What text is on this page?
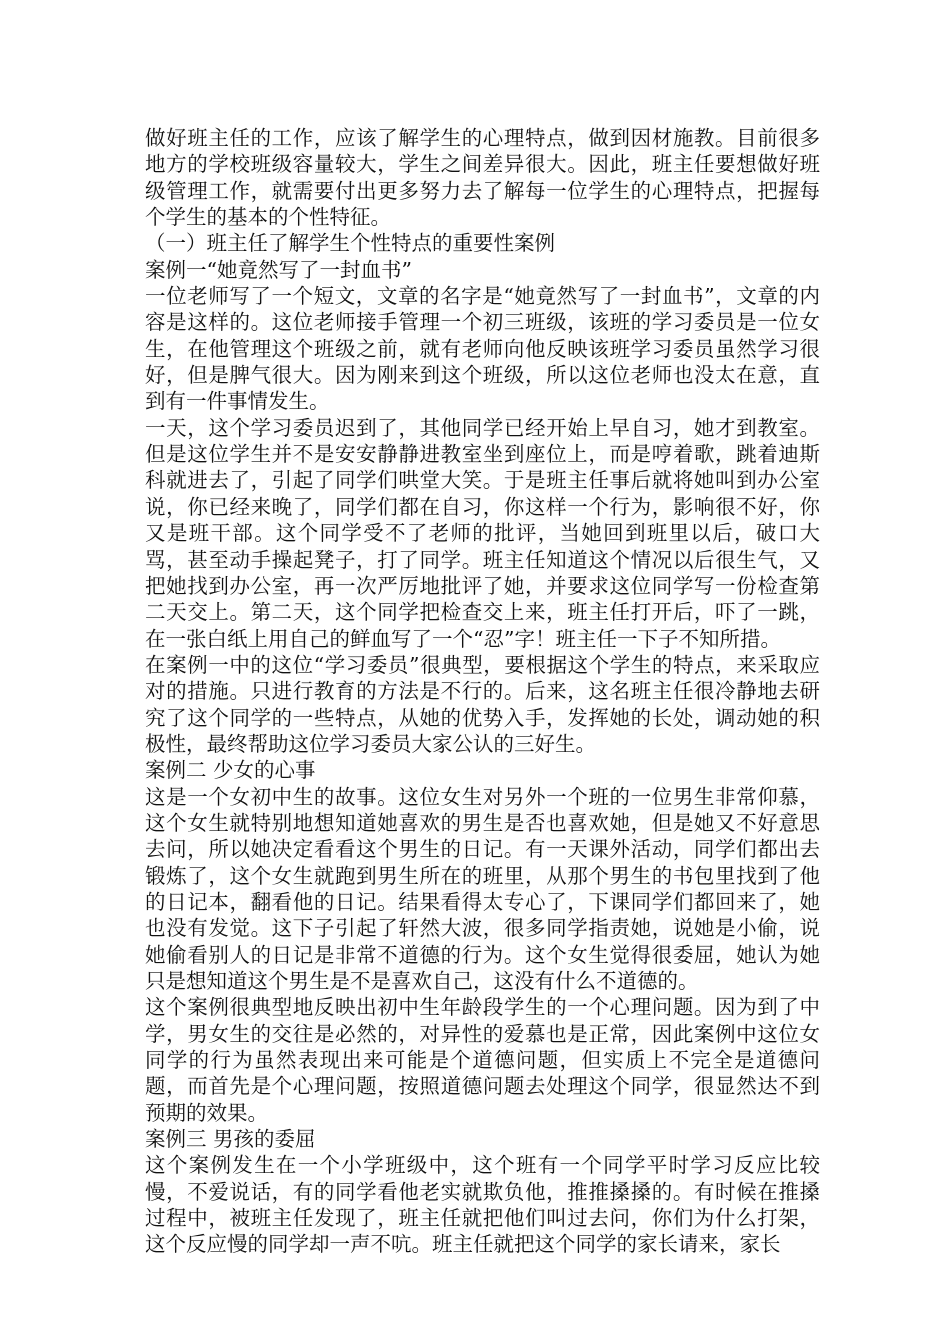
做好班主任的工作，应该了解学生的心理特点，做到因材施教。目前很多地方的学校班级容量较大，学生之间差异很大。因此，班主任要想做好班级管理工作，就需要付出更多努力去了解每一位学生的心理特点，把握每个学生的基本的个性特征。

（一）班主任了解学生个性特点的重要性案例

案例一“她竟然写了一封血书”

一位老师写了一个短文，文章的名字是“她竟然写了一封血书”，文章的内容是这样的。这位老师接手管理一个初三班级，该班的学习委员是一位女生，在他管理这个班级之前，就有老师向他反映该班学习委员虽然学习很好，但是脾气很大。因为刚来到这个班级，所以这位老师也没太在意，直到有一件事情发生。

一天，这个学习委员迟到了，其他同学已经开始上早自习，她才到教室。但是这位学生并不是安安静静进教室坐到座位上，而是哼着歌，跳着迪斯科就进去了，引起了同学们哄堂大笑。于是班主任事后就将她叫到办公室说，你已经来晚了，同学们都在自习，你这样一个行为，影响很不好，你又是班干部。这个同学受不了老师的批评，当她回到班里以后，破口大骂，甚至动手操起凳子，打了同学。班主任知道这个情况以后很生气，又把她找到办公室，再一次严厉地批评了她，并要求这位同学写一份检查第二天交上。第二天，这个同学把检查交上来，班主任打开后，吓了一跳，在一张白纸上用自己的鲜血写了一个“忍”字！班主任一下子不知所措。

在案例一中的这位“学习委员”很典型，要根据这个学生的特点，来采取应对的措施。只进行教育的方法是不行的。后来，这名班主任很冷静地去研究了这个同学的一些特点，从她的优势入手，发挥她的长处，调动她的积极性，最终帮助这位学习委员大家公认的三好生。

案例二 少女的心事

这是一个女初中生的故事。这位女生对另外一个班的一位男生非常仰慕，这个女生就特别地想知道她喜欢的男生是否也喜欢她，但是她又不好意思去问，所以她决定看看这个男生的日记。有一天课外活动，同学们都出去锻炼了，这个女生就跑到男生所在的班里，从那个男生的书包里找到了他的日记本，翻看他的日记。结果看得太专心了，下课同学们都回来了，她也没有发觉。这下子引起了轩然大波，很多同学指责她，说她是小偷，说她偷看别人的日记是非常不道德的行为。这个女生觉得很委屈，她认为她只是想知道这个男生是不是喜欢自己，这没有什么不道德的。

这个案例很典型地反映出初中生年龄段学生的一个心理问题。因为到了中学，男女生的交往是必然的，对异性的爱慕也是正常，因此案例中这位女同学的行为虽然表现出来可能是个道德问题，但实质上不完全是道德问题，而首先是个心理问题，按照道德问题去处理这个同学，很显然达不到预期的效果。

案例三 男孩的委屈

这个案例发生在一个小学班级中，这个班有一个同学平时学习反应比较慢，不爱说话，有的同学看他老实就欺负他，推推搡搡的。有时候在推搡过程中，被班主任发现了，班主任就把他们叫过去问，你们为什么打架，这个反应慢的同学却一声不吭。班主任就把这个同学的家长请来，家长
